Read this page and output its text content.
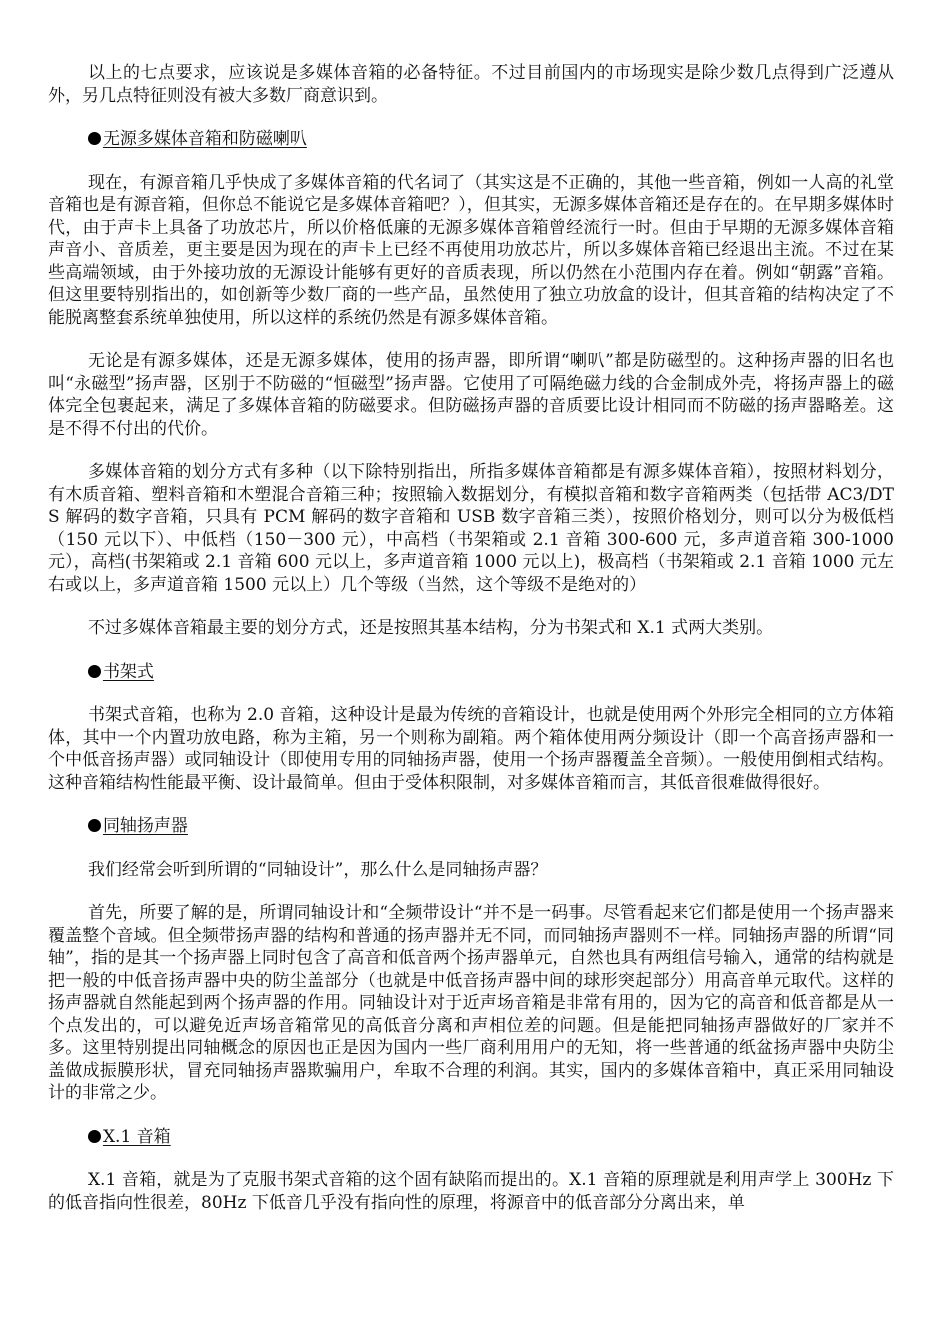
以上的七点要求，应该说是多媒体音箱的必备特征。不过目前国内的市场现实是除少数几点得到广泛遵从外，另几点特征则没有被大多数厂商意识到。

无源多媒体音箱和防磁喇叭

现在，有源音箱几乎快成了多媒体音箱的代名词了（其实这是不正确的，其他一些音箱，例如一人高的礼堂音箱也是有源音箱，但你总不能说它是多媒体音箱吧？），但其实，无源多媒体音箱还是存在的。在早期多媒体时代，由于声卡上具备了功放芯片，所以价格低廉的无源多媒体音箱曾经流行一时。但由于早期的无源多媒体音箱声音小、音质差，更主要是因为现在的声卡上已经不再使用功放芯片，所以多媒体音箱已经退出主流。不过在某些高端领域，由于外接功放的无源设计能够有更好的音质表现，所以仍然在小范围内存在着。例如“朝露”音箱。但这里要特别指出的，如创新等少数厂商的一些产品，虽然使用了独立功放盒的设计，但其音箱的结构决定了不能脱离整套系统单独使用，所以这样的系统仍然是有源多媒体音箱。

无论是有源多媒体，还是无源多媒体，使用的扬声器，即所谓“喇叭”都是防磁型的。这种扬声器的旧名也叫“永磁型”扬声器，区别于不防磁的“恒磁型”扬声器。它使用了可隔绝磁力线的合金制成外壳，将扬声器上的磁体完全包裹起来，满足了多媒体音箱的防磁要求。但防磁扬声器的音质要比设计相同而不防磁的扬声器略差。这是不得不付出的代价。

多媒体音箱的划分方式有多种（以下除特别指出，所指多媒体音箱都是有源多媒体音箱），按照材料划分，有木质音箱、塑料音箱和木塑混合音箱三种；按照输入数据划分，有模拟音箱和数字音箱两类（包括带 AC3/DTS 解码的数字音箱，只具有 PCM 解码的数字音箱和 USB 数字音箱三类），按照价格划分，则可以分为极低档（150 元以下）、中低档（150－300 元），中高档（书架箱或 2.1 音箱 300-600 元，多声道音箱 300-1000 元），高档(书架箱或 2.1 音箱 600 元以上，多声道音箱 1000 元以上)，极高档（书架箱或 2.1 音箱 1000 元左右或以上，多声道音箱 1500 元以上）几个等级（当然，这个等级不是绝对的）

不过多媒体音箱最主要的划分方式，还是按照其基本结构，分为书架式和 X.1 式两大类别。

书架式

书架式音箱，也称为 2.0 音箱，这种设计是最为传统的音箱设计，也就是使用两个外形完全相同的立方体箱体，其中一个内置功放电路，称为主箱，另一个则称为副箱。两个箱体使用两分频设计（即一个高音扬声器和一个中低音扬声器）或同轴设计（即使用专用的同轴扬声器，使用一个扬声器覆盖全音频）。一般使用倒相式结构。这种音箱结构性能最平衡、设计最简单。但由于受体积限制，对多媒体音箱而言，其低音很难做得很好。

同轴扬声器

我们经常会听到所谓的“同轴设计”，那么什么是同轴扬声器？

首先，所要了解的是，所谓同轴设计和“全频带设计“并不是一码事。尽管看起来它们都是使用一个扬声器来覆盖整个音域。但全频带扬声器的结构和普通的扬声器并无不同，而同轴扬声器则不一样。同轴扬声器的所谓“同轴”，指的是其一个扬声器上同时包含了高音和低音两个扬声器单元，自然也具有两组信号输入，通常的结构就是把一般的中低音扬声器中央的防尘盖部分（也就是中低音扬声器中间的球形突起部分）用高音单元取代。这样的扬声器就自然能起到两个扬声器的作用。同轴设计对于近声场音箱是非常有用的，因为它的高音和低音都是从一个点发出的，可以避免近声场音箱常见的高低音分离和声相位差的问题。但是能把同轴扬声器做好的厂家并不多。这里特别提出同轴概念的原因也正是因为国内一些厂商利用用户的无知，将一些普通的纸盆扬声器中央防尘盖做成振膜形状，冒充同轴扬声器欺骗用户，牟取不合理的利润。其实，国内的多媒体音箱中，真正采用同轴设计的非常之少。

X.1 音箱

X.1 音箱，就是为了克服书架式音箱的这个固有缺陷而提出的。X.1 音箱的原理就是利用声学上 300Hz 下的低音指向性很差，80Hz 下低音几乎没有指向性的原理，将源音中的低音部分分离出来，单
